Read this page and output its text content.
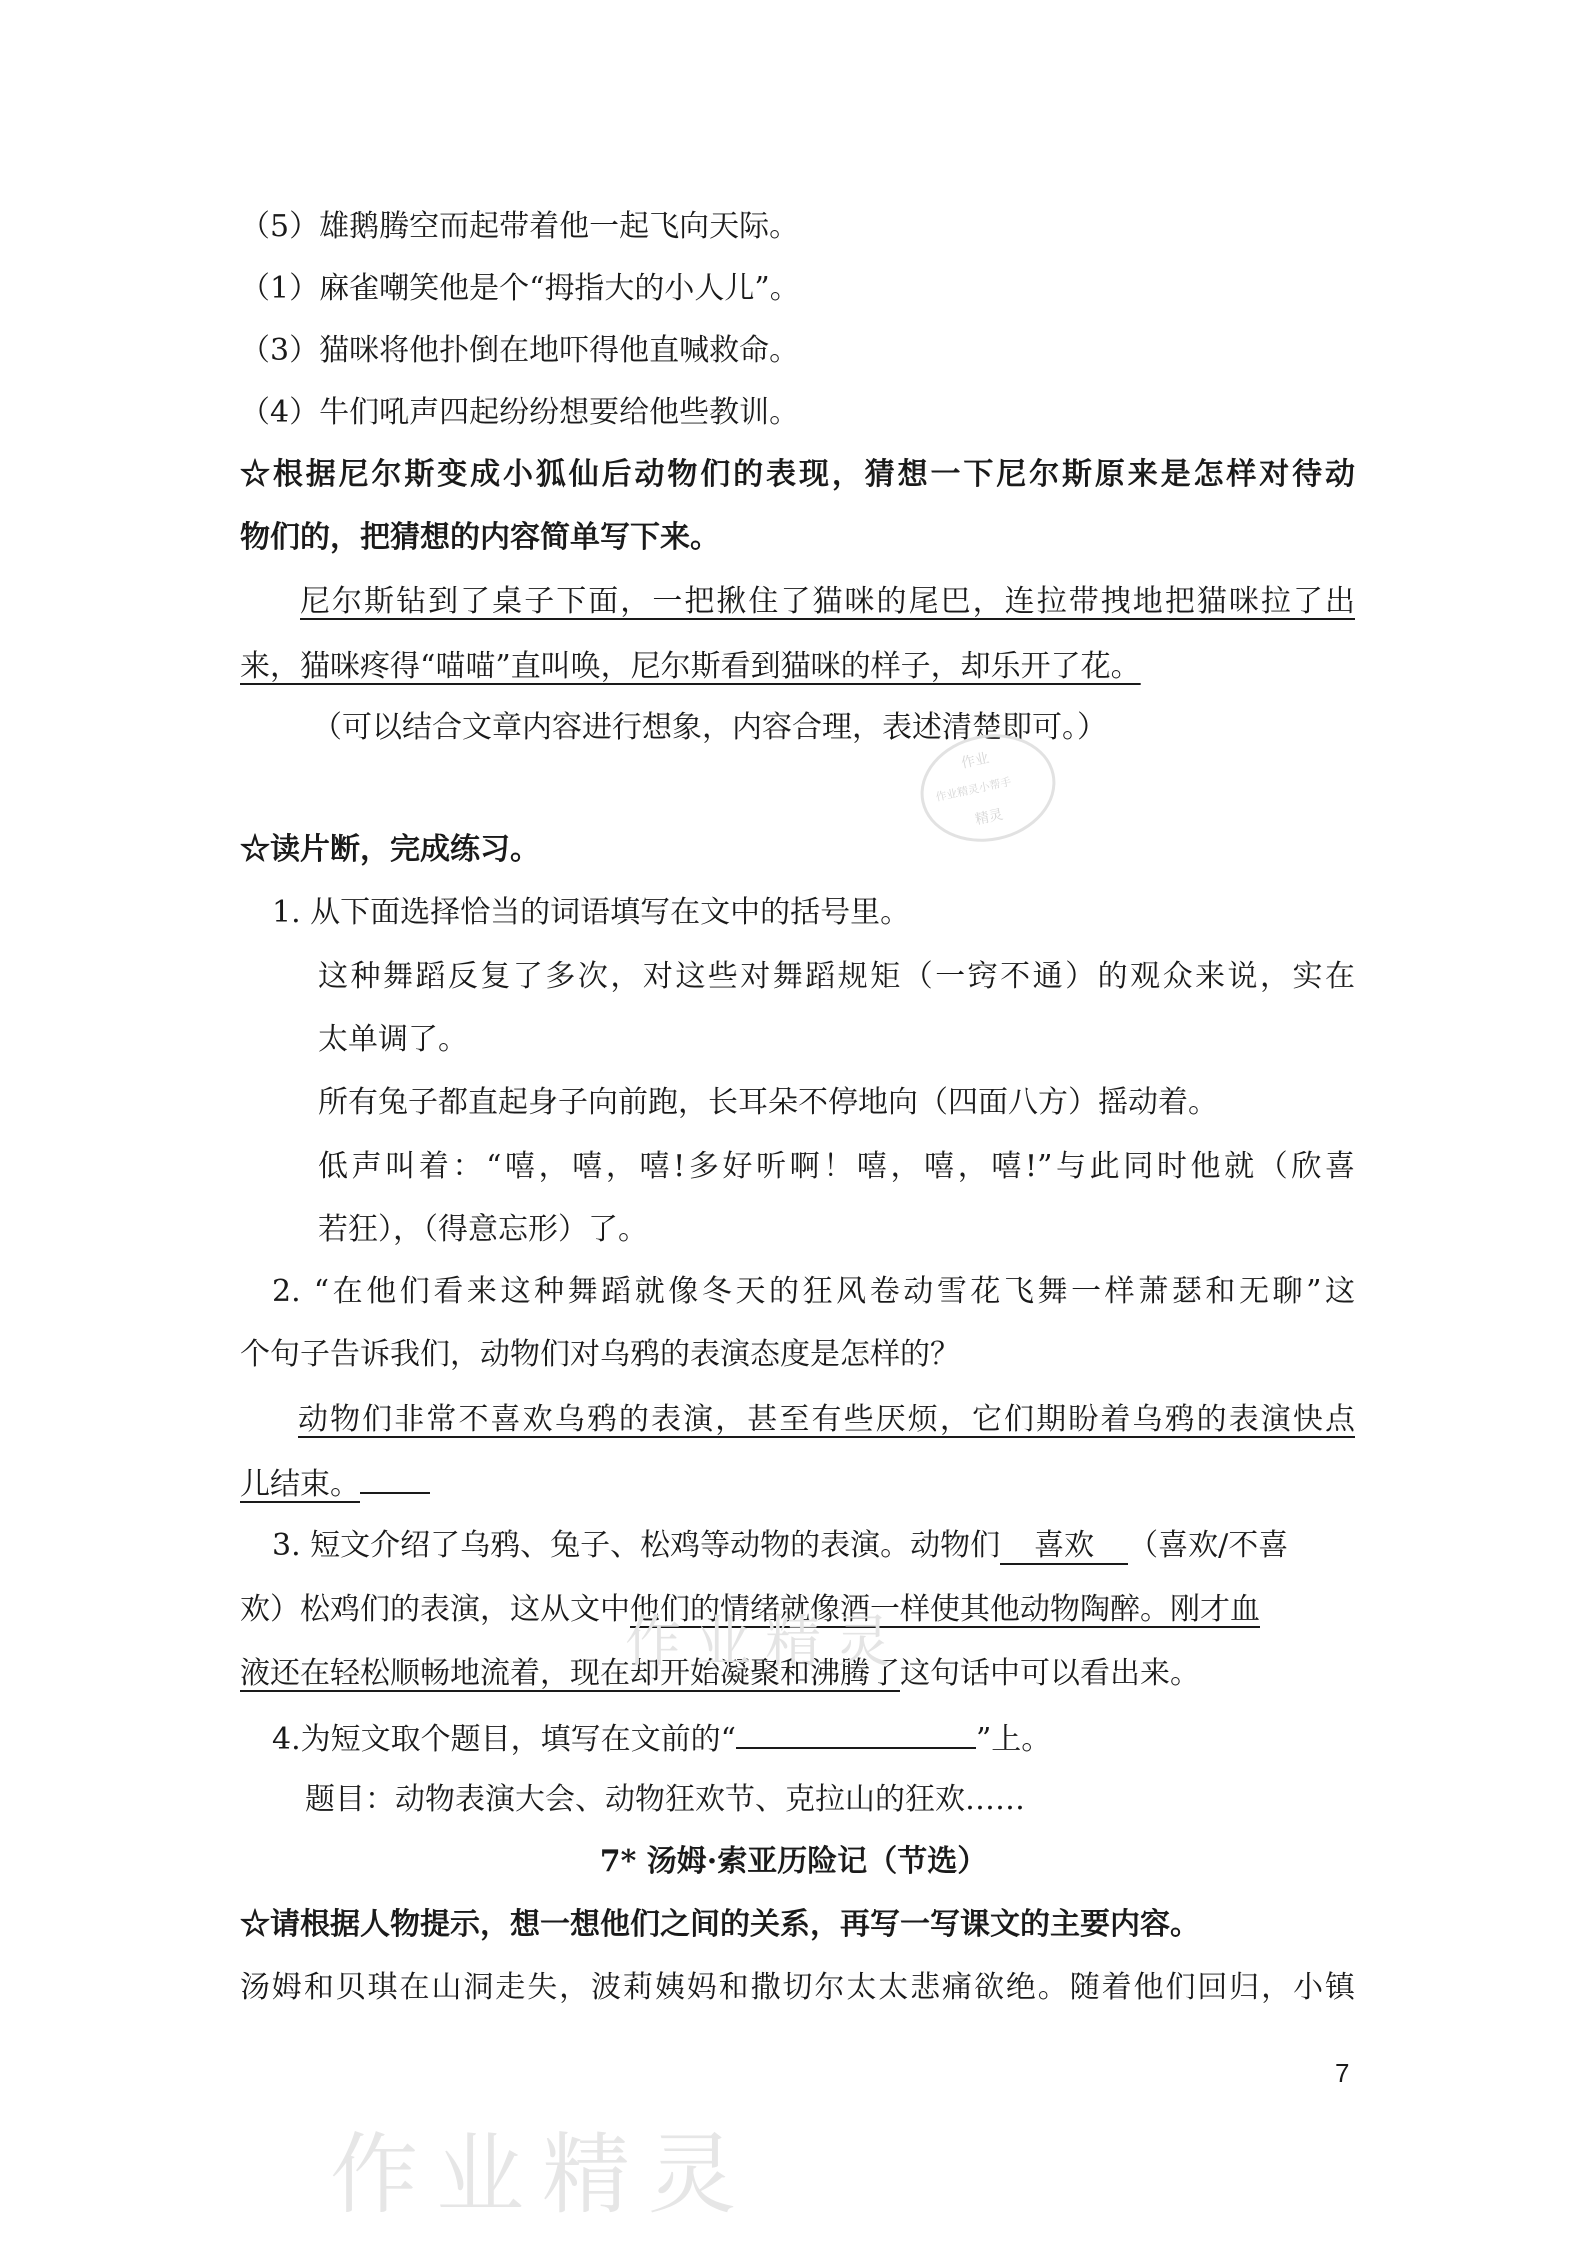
（5）雄鹅腾空而起带着他一起飞向天际。
（1）麻雀嘲笑他是个“拇指大的小人儿”。
（3）猫咪将他扑倒在地吓得他直喊救命。
（4）牛们吼声四起纷纷想要给他些教训。
☆根据尼尔斯变成小狐仙后动物们的表现，猜想一下尼尔斯原来是怎样对待动
物们的，把猜想的内容简单写下来。
尼尔斯钻到了桌子下面，一把揪住了猫咪的尾巴，连拉带拽地把猫咪拉了出
来，猫咪疼得“喵喵”直叫唤，尼尔斯看到猫咪的样子，却乐开了花。
（可以结合文章内容进行想象，内容合理，表述清楚即可。）
作业
作业精灵小帮手
精灵
☆读片断，完成练习。
1. 从下面选择恰当的词语填写在文中的括号里。
这种舞蹈反复了多次，对这些对舞蹈规矩（一窍不通）的观众来说，实在
太单调了。
所有兔子都直起身子向前跑，长耳朵不停地向（四面八方）摇动着。
低声叫着：“嘻，嘻，嘻!多好听啊！嘻，嘻，嘻!”与此同时他就（欣喜
若狂），（得意忘形）了。
2. “在他们看来这种舞蹈就像冬天的狂风卷动雪花飞舞一样萧瑟和无聊”这
个句子告诉我们，动物们对乌鸦的表演态度是怎样的？
动物们非常不喜欢乌鸦的表演，甚至有些厌烦，它们期盼着乌鸦的表演快点
儿结束。
3. 短文介绍了乌鸦、兔子、松鸡等动物的表演。动物们 喜欢 （喜欢/不喜
欢）松鸡们的表演，这从文中他们的情绪就像酒一样使其他动物陶醉。刚才血
液还在轻松顺畅地流着，现在却开始凝聚和沸腾了这句话中可以看出来。
4.为短文取个题目，填写在文前的“	”上。
题目：动物表演大会、动物狂欢节、克拉山的狂欢……
7* 汤姆·索亚历险记（节选）
☆请根据人物提示，想一想他们之间的关系，再写一写课文的主要内容。
汤姆和贝琪在山洞走失，波莉姨妈和撒切尔太太悲痛欲绝。随着他们回归，小镇
7
作业精灵
作业精灵
